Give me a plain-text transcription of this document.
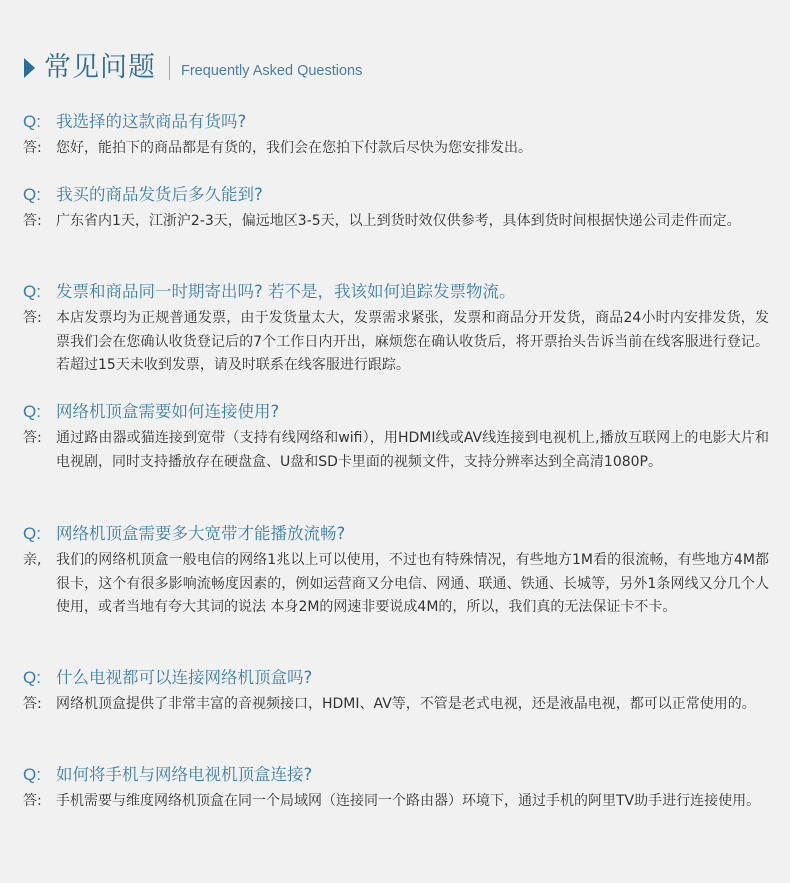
常见问题 Frequently Asked Questions
Q: 我选择的这款商品有货吗?
答:	您好，能拍下的商品都是有货的，我们会在您拍下付款后尽快为您安排发出。
Q: 我买的商品发货后多久能到?
答:	广东省内1天，江浙沪2-3天，偏远地区3-5天，以上到货时效仅供参考，具体到货时间根据快递公司走件而定。
Q: 发票和商品同一时期寄出吗? 若不是，我该如何追踪发票物流。
答:	本店发票均为正规普通发票，由于发货量太大，发票需求紧张，发票和商品分开发货，商品24小时内安排发货，发票我们会在您确认收货登记后的7个工作日内开出，麻烦您在确认收货后，将开票抬头告诉当前在线客服进行登记。若超过15天未收到发票，请及时联系在线客服进行跟踪。
Q: 网络机顶盒需要如何连接使用?
答:	通过路由器或猫连接到宽带（支持有线网络和wifi），用HDMI线或AV线连接到电视机上,播放互联网上的电影大片和电视剧，同时支持播放存在硬盘盒、U盘和SD卡里面的视频文件，支持分辨率达到全高清1080P。
Q: 网络机顶盒需要多大宽带才能播放流畅?
亲,	我们的网络机顶盒一般电信的网络1兆以上可以使用，不过也有特殊情况，有些地方1M看的很流畅，有些地方4M都很卡，这个有很多影响流畅度因素的，例如运营商又分电信、网通、联通、铁通、长城等，另外1条网线又分几个人使用，或者当地有夸大其词的说法 本身2M的网速非要说成4M的，所以，我们真的无法保证卡不卡。
Q: 什么电视都可以连接网络机顶盒吗?
答:	网络机顶盒提供了非常丰富的音视频接口，HDMI、AV等，不管是老式电视，还是液晶电视，都可以正常使用的。
Q: 如何将手机与网络电视机顶盒连接?
答:	手机需要与维度网络机顶盒在同一个局域网（连接同一个路由器）环境下，通过手机的阿里TV助手进行连接使用。
